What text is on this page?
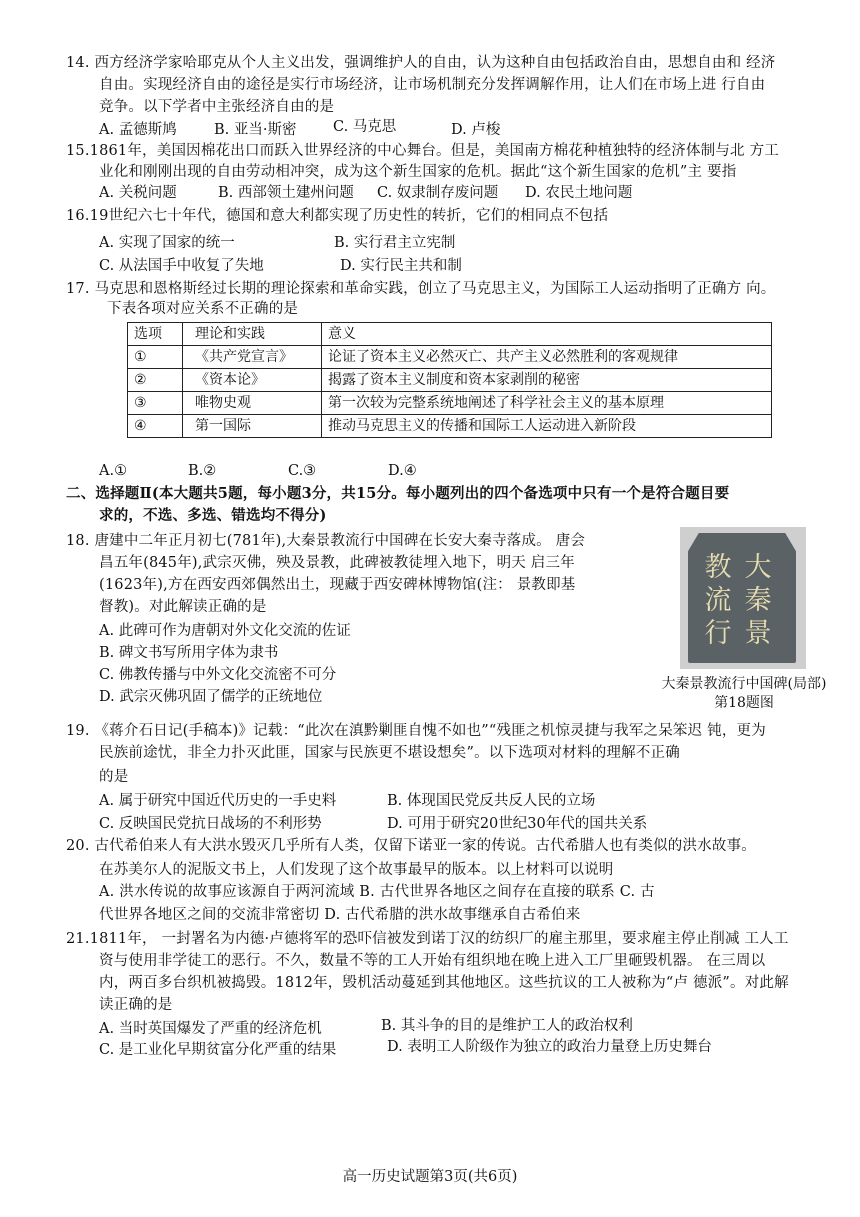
14. 西方经济学家哈耶克从个人主义出发，强调维护人的自由，认为这种自由包括政治自由，思想自由和 经济
自由。实现经济自由的途径是实行市场经济，让市场机制充分发挥调解作用，让人们在市场上进 行自由
竞争。以下学者中主张经济自由的是
A. 孟德斯鸠	B. 亚当·斯密	C. 马克思	D. 卢梭
15.1861年，美国因棉花出口而跃入世界经济的中心舞台。但是，美国南方棉花种植独特的经济体制与北 方工
业化和刚刚出现的自由劳动相冲突，成为这个新生国家的危机。据此“这个新生国家的危机”主 要指
A. 关税问题	B. 西部领土建州问题 C. 奴隶制存废问题 D. 农民土地问题
16.19世纪六七十年代，德国和意大利都实现了历史性的转折，它们的相同点不包括
A. 实现了国家的统一	B. 实行君主立宪制
C. 从法国手中收复了失地	D. 实行民主共和制
17. 马克思和恩格斯经过长期的理论探索和革命实践，创立了马克思主义，为国际工人运动指明了正确方 向。
下表各项对应关系不正确的是
选项	理论和实践	意义
①	《共产党宣言》	论证了资本主义必然灭亡、共产主义必然胜利的客观规律
②	《资本论》	揭露了资本主义制度和资本家剥削的秘密
③	唯物史观	第一次较为完整系统地阐述了科学社会主义的基本原理
④	第一国际	推动马克思主义的传播和国际工人运动进入新阶段
A.①	B.②	C.③	D.④
二、选择题Ⅱ(本大题共5题，每小题3分，共15分。每小题列出的四个备选项中只有一个是符合题目要
求的，不选、多选、错选均不得分)
18. 唐建中二年正月初七(781年),大秦景教流行中国碑在长安大秦寺落成。 唐会
昌五年(845年),武宗灭佛，殃及景教，此碑被教徒埋入地下，明天 启三年
(1623年),方在西安西郊偶然出土，现藏于西安碑林博物馆(注： 景教即基
督教)。对此解读正确的是
A. 此碑可作为唐朝对外文化交流的佐证
B. 碑文书写所用字体为隶书
C. 佛教传播与中外文化交流密不可分
D. 武宗灭佛巩固了儒学的正统地位
教 大
流 秦
行 景
大秦景教流行中国碑(局部)
第18题图
19. 《蒋介石日记(手稿本)》记载：“此次在滇黔剿匪自愧不如也”“残匪之机惊灵捷与我军之呆笨迟 钝，更为
民族前途忧，非全力扑灭此匪，国家与民族更不堪设想矣”。以下选项对材料的理解不正确
的是
A. 属于研究中国近代历史的一手史料	B. 体现国民党反共反人民的立场
C. 反映国民党抗日战场的不利形势	D. 可用于研究20世纪30年代的国共关系
20. 古代希伯来人有大洪水毁灭几乎所有人类，仅留下诺亚一家的传说。古代希腊人也有类似的洪水故事。
在苏美尔人的泥版文书上，人们发现了这个故事最早的版本。以上材料可以说明
A. 洪水传说的故事应该源自于两河流域 B. 古代世界各地区之间存在直接的联系 C. 古
代世界各地区之间的交流非常密切 D. 古代希腊的洪水故事继承自古希伯来
21.1811年， 一封署名为内德·卢德将军的恐吓信被发到诺丁汉的纺织厂的雇主那里，要求雇主停止削减 工人工
资与使用非学徒工的恶行。不久，数量不等的工人开始有组织地在晚上进入工厂里砸毁机器。 在三周以
内，两百多台织机被捣毁。1812年，毁机活动蔓延到其他地区。这些抗议的工人被称为“卢 德派”。对此解
读正确的是
A. 当时英国爆发了严重的经济危机	B. 其斗争的目的是维护工人的政治权利
C. 是工业化早期贫富分化严重的结果	D. 表明工人阶级作为独立的政治力量登上历史舞台
高一历史试题第3页(共6页)
